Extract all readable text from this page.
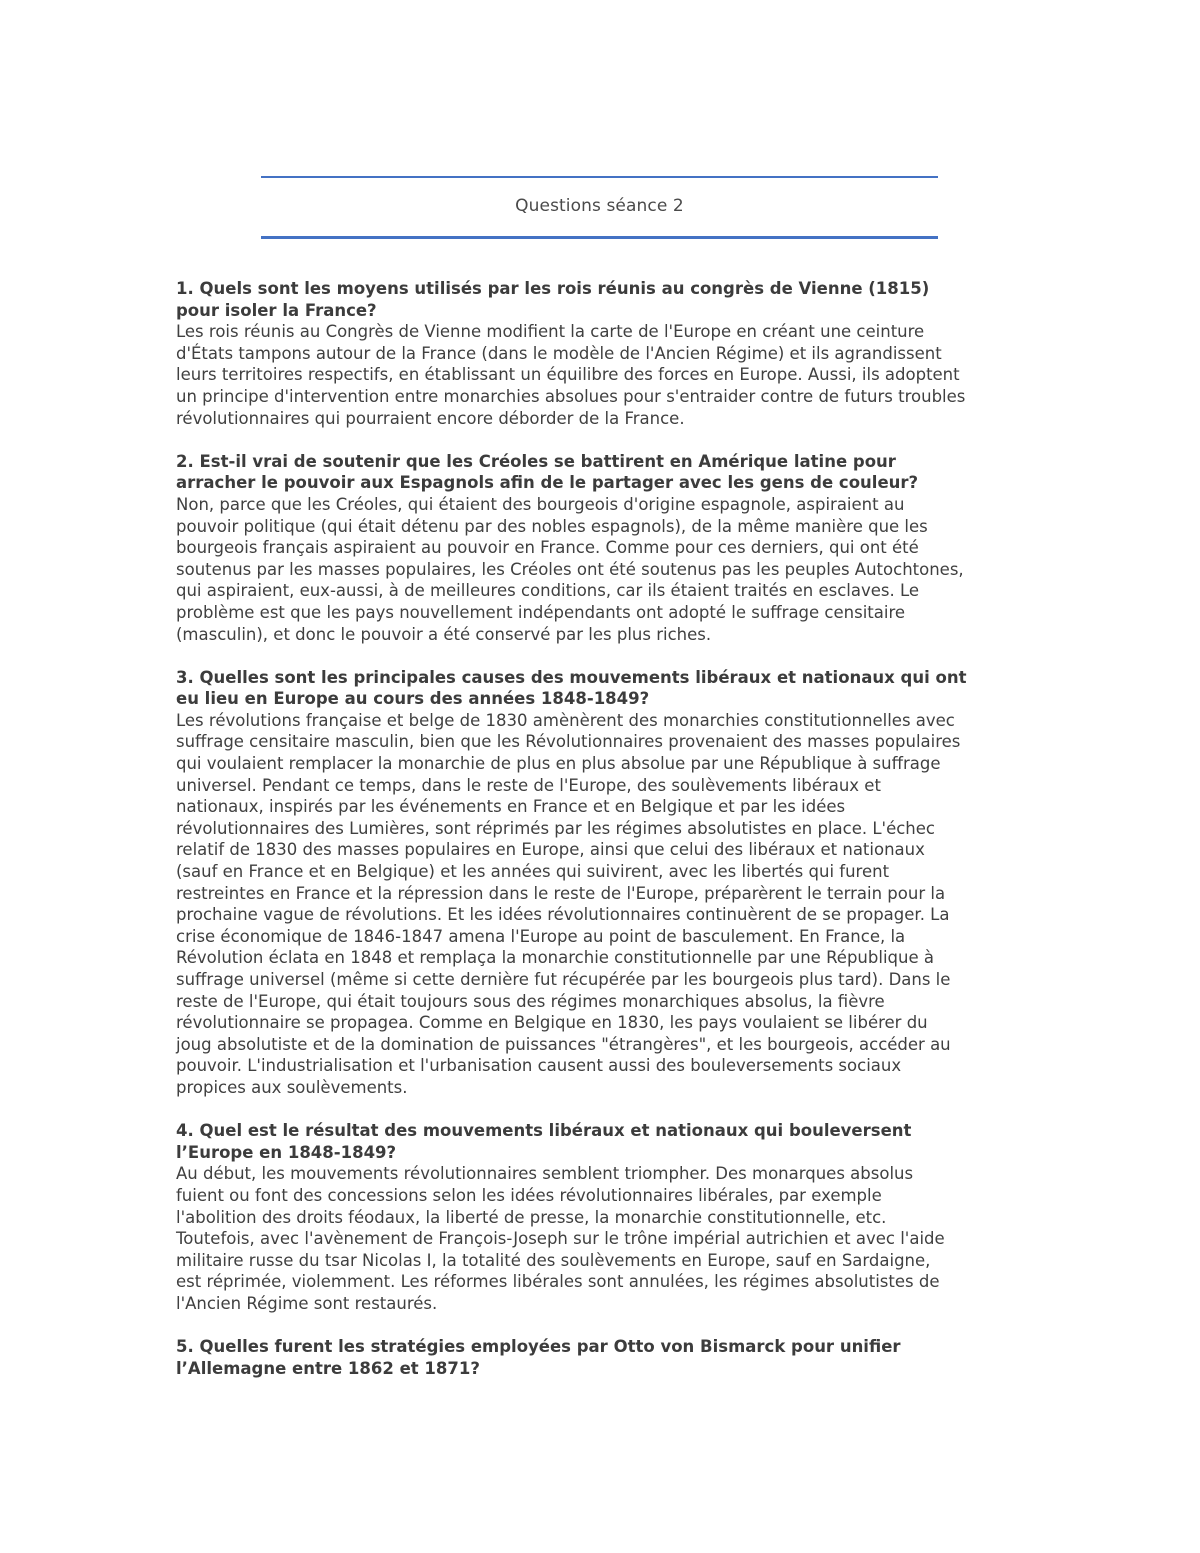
Questions séance 2

1. Quels sont les moyens utilisés par les rois réunis au congrès de Vienne (1815)
pour isoler la France?

Les rois réunis au Congrès de Vienne modifient la carte de l'Europe en créant une ceinture
d'États tampons autour de la France (dans le modèle de l'Ancien Régime) et ils agrandissent
leurs territoires respectifs, en établissant un équilibre des forces en Europe. Aussi, ils adoptent
un principe d'intervention entre monarchies absolues pour s'entraider contre de futurs troubles
révolutionnaires qui pourraient encore déborder de la France.

2. Est-il vrai de soutenir que les Créoles se battirent en Amérique latine pour
arracher le pouvoir aux Espagnols afin de le partager avec les gens de couleur?

Non, parce que les Créoles, qui étaient des bourgeois d'origine espagnole, aspiraient au
pouvoir politique (qui était détenu par des nobles espagnols), de la même manière que les
bourgeois français aspiraient au pouvoir en France. Comme pour ces derniers, qui ont été
soutenus par les masses populaires, les Créoles ont été soutenus pas les peuples Autochtones,
qui aspiraient, eux-aussi, à de meilleures conditions, car ils étaient traités en esclaves. Le
problème est que les pays nouvellement indépendants ont adopté le suffrage censitaire
(masculin), et donc le pouvoir a été conservé par les plus riches.

3. Quelles sont les principales causes des mouvements libéraux et nationaux qui ont
eu lieu en Europe au cours des années 1848-1849?

Les révolutions française et belge de 1830 amènèrent des monarchies constitutionnelles avec
suffrage censitaire masculin, bien que les Révolutionnaires provenaient des masses populaires
qui voulaient remplacer la monarchie de plus en plus absolue par une République à suffrage
universel. Pendant ce temps, dans le reste de l'Europe, des soulèvements libéraux et
nationaux, inspirés par les événements en France et en Belgique et par les idées
révolutionnaires des Lumières, sont réprimés par les régimes absolutistes en place. L'échec
relatif de 1830 des masses populaires en Europe, ainsi que celui des libéraux et nationaux
(sauf en France et en Belgique) et les années qui suivirent, avec les libertés qui furent
restreintes en France et la répression dans le reste de l'Europe, préparèrent le terrain pour la
prochaine vague de révolutions. Et les idées révolutionnaires continuèrent de se propager. La
crise économique de 1846-1847 amena l'Europe au point de basculement. En France, la
Révolution éclata en 1848 et remplaça la monarchie constitutionnelle par une République à
suffrage universel (même si cette dernière fut récupérée par les bourgeois plus tard). Dans le
reste de l'Europe, qui était toujours sous des régimes monarchiques absolus, la fièvre
révolutionnaire se propagea. Comme en Belgique en 1830, les pays voulaient se libérer du
joug absolutiste et de la domination de puissances "étrangères", et les bourgeois, accéder au
pouvoir. L'industrialisation et l'urbanisation causent aussi des bouleversements sociaux
propices aux soulèvements.

4. Quel est le résultat des mouvements libéraux et nationaux qui bouleversent
l’Europe en 1848-1849?

Au début, les mouvements révolutionnaires semblent triompher. Des monarques absolus
fuient ou font des concessions selon les idées révolutionnaires libérales, par exemple
l'abolition des droits féodaux, la liberté de presse, la monarchie constitutionnelle, etc.
Toutefois, avec l'avènement de François-Joseph sur le trône impérial autrichien et avec l'aide
militaire russe du tsar Nicolas I, la totalité des soulèvements en Europe, sauf en Sardaigne,
est réprimée, violemment. Les réformes libérales sont annulées, les régimes absolutistes de
l'Ancien Régime sont restaurés.

5. Quelles furent les stratégies employées par Otto von Bismarck pour unifier
l’Allemagne entre 1862 et 1871?
